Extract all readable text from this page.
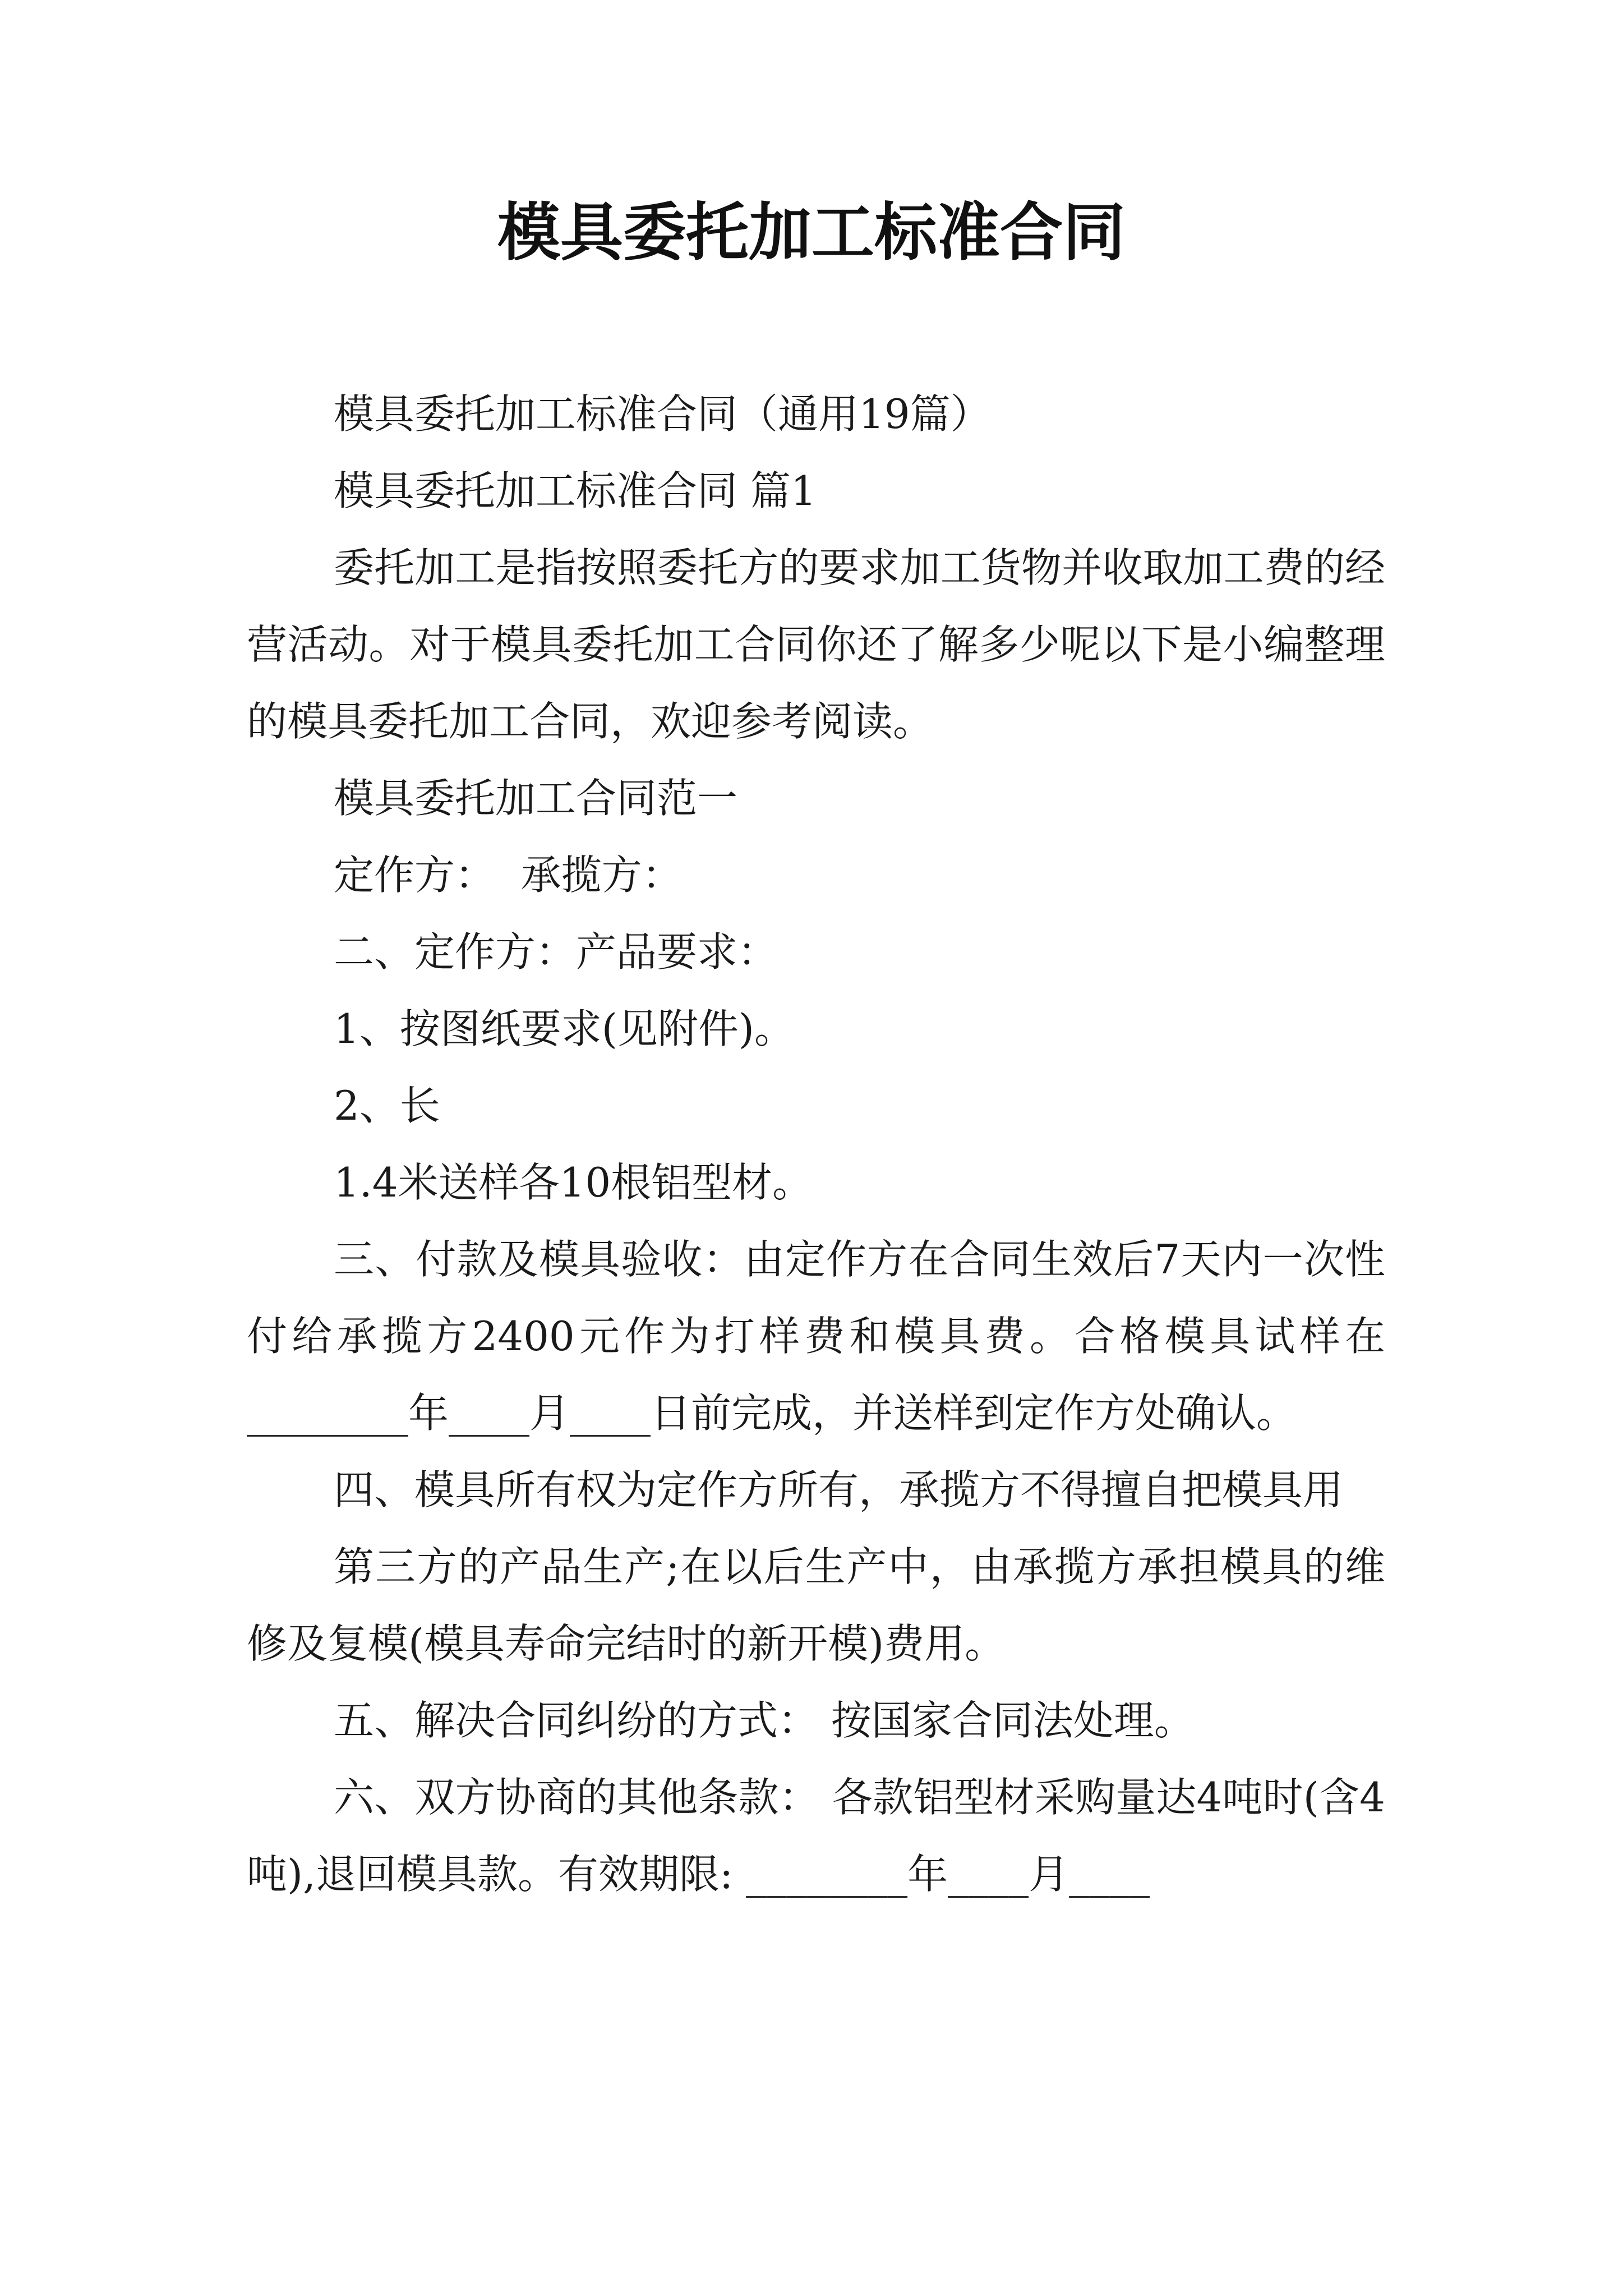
模具委托加工标准合同

模具委托加工标准合同（通用19篇）

模具委托加工标准合同 篇1

委托加工是指按照委托方的要求加工货物并收取加工费的经营活动。对于模具委托加工合同你还了解多少呢以下是小编整理的模具委托加工合同，欢迎参考阅读。

模具委托加工合同范一

定作方：  承揽方：

二、定作方：产品要求：

1、按图纸要求(见附件)。

2、长

1.4米送样各10根铝型材。

三、付款及模具验收：由定作方在合同生效后7天内一次性付给承揽方2400元作为打样费和模具费。合格模具试样在________年____月____日前完成，并送样到定作方处确认。

四、模具所有权为定作方所有，承揽方不得擅自把模具用

第三方的产品生产;在以后生产中，由承揽方承担模具的维修及复模(模具寿命完结时的新开模)费用。

五、解决合同纠纷的方式： 按国家合同法处理。

六、双方协商的其他条款： 各款铝型材采购量达4吨时(含4吨),退回模具款。有效期限: ________年____月____
